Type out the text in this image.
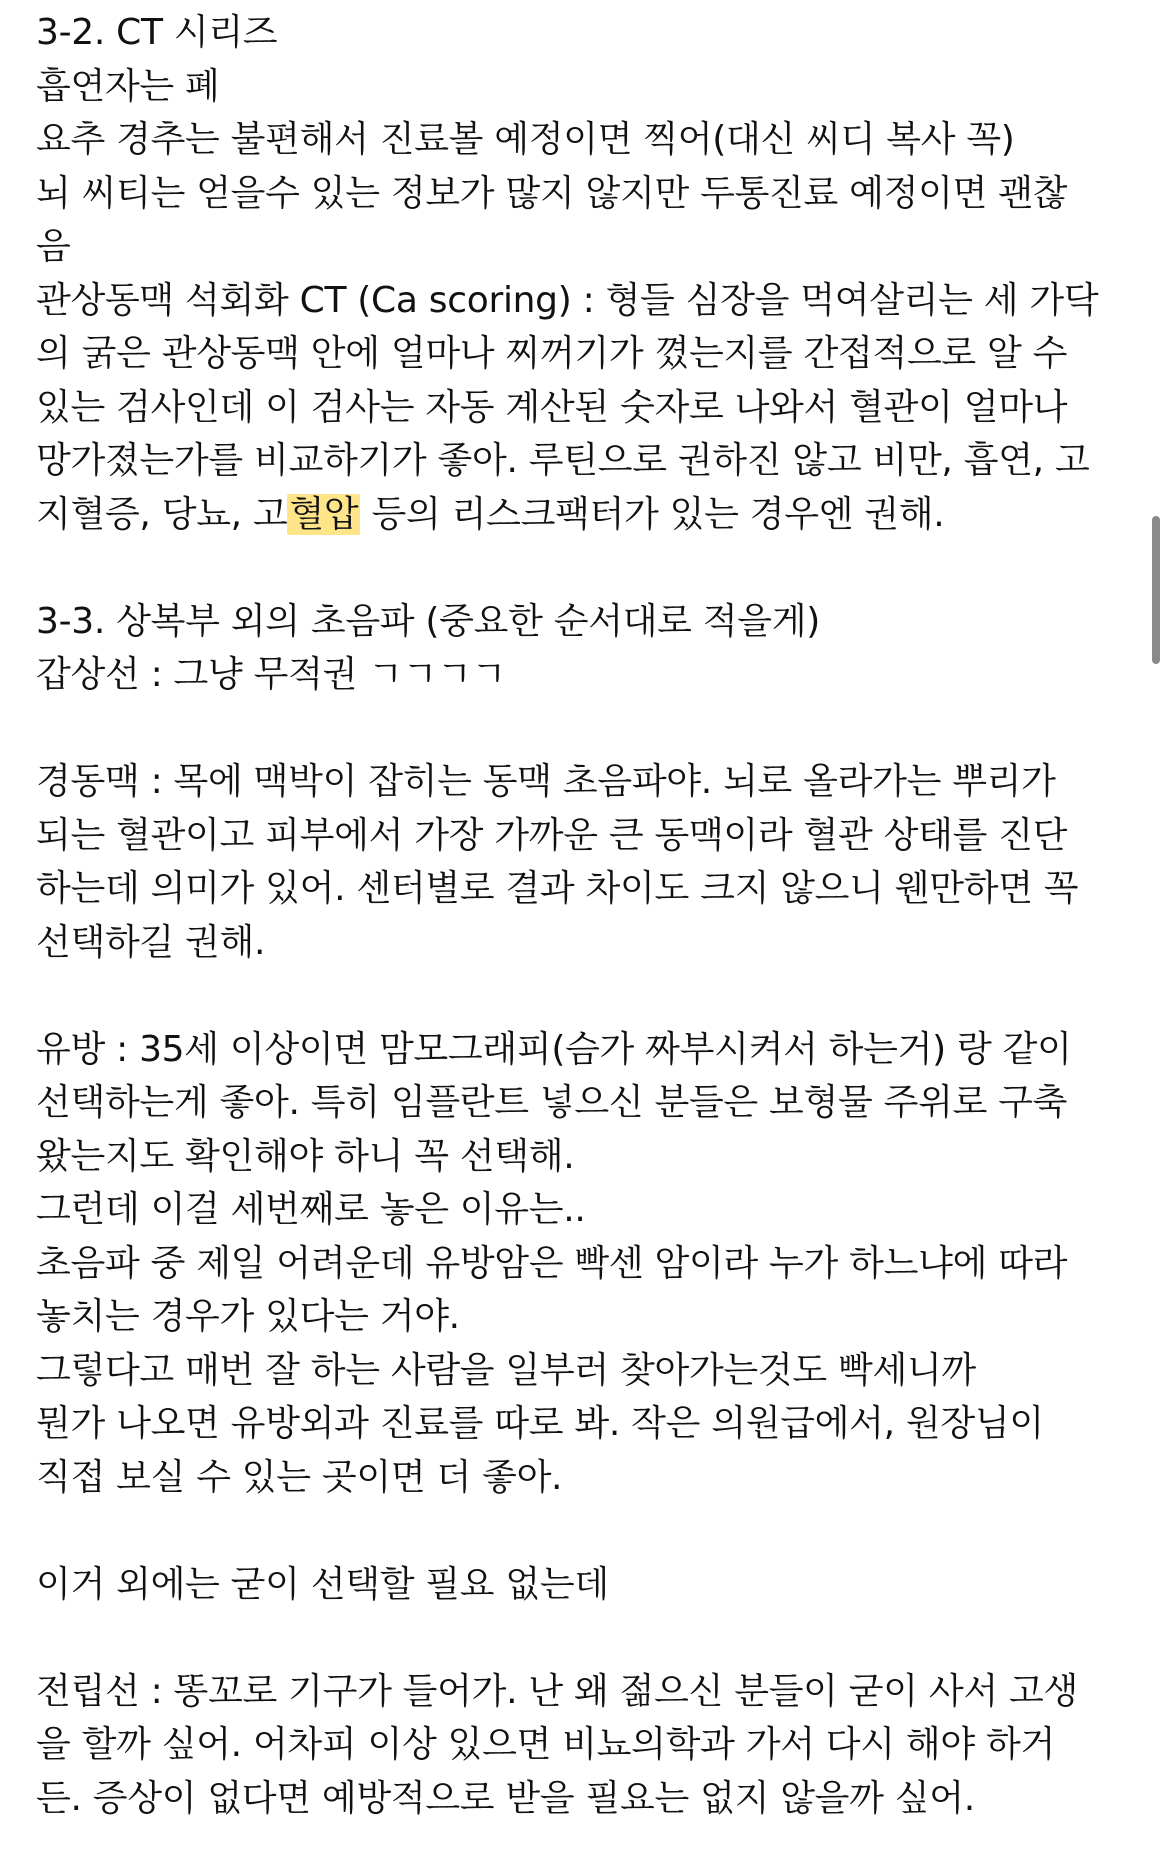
3-2. CT 시리즈
흡연자는 폐
요추 경추는 불편해서 진료볼 예정이면 찍어(대신 씨디 복사 꼭)
뇌 씨티는 얻을수 있는 정보가 많지 않지만 두통진료 예정이면 괜찮
음
관상동맥 석회화 CT (Ca scoring) : 형들 심장을 먹여살리는 세 가닥
의 굵은 관상동맥 안에 얼마나 찌꺼기가 꼈는지를 간접적으로 알 수
있는 검사인데 이 검사는 자동 계산된 숫자로 나와서 혈관이 얼마나
망가졌는가를 비교하기가 좋아. 루틴으로 권하진 않고 비만, 흡연, 고
지혈증, 당뇨, 고혈압 등의 리스크팩터가 있는 경우엔 권해.
3-3. 상복부 외의 초음파 (중요한 순서대로 적을게)
갑상선 : 그냥 무적권 ㄱㄱㄱㄱ
경동맥 : 목에 맥박이 잡히는 동맥 초음파야. 뇌로 올라가는 뿌리가
되는 혈관이고 피부에서 가장 가까운 큰 동맥이라 혈관 상태를 진단
하는데 의미가 있어. 센터별로 결과 차이도 크지 않으니 웬만하면 꼭
선택하길 권해.
유방 : 35세 이상이면 맘모그래피(슴가 짜부시켜서 하는거) 랑 같이
선택하는게 좋아. 특히 임플란트 넣으신 분들은 보형물 주위로 구축
왔는지도 확인해야 하니 꼭 선택해.
그런데 이걸 세번째로 놓은 이유는..
초음파 중 제일 어려운데 유방암은 빡센 암이라 누가 하느냐에 따라
놓치는 경우가 있다는 거야.
그렇다고 매번 잘 하는 사람을 일부러 찾아가는것도 빡세니까
뭔가 나오면 유방외과 진료를 따로 봐. 작은 의원급에서, 원장님이
직접 보실 수 있는 곳이면 더 좋아.
이거 외에는 굳이 선택할 필요 없는데
전립선 : 똥꼬로 기구가 들어가. 난 왜 젊으신 분들이 굳이 사서 고생
을 할까 싶어. 어차피 이상 있으면 비뇨의학과 가서 다시 해야 하거
든. 증상이 없다면 예방적으로 받을 필요는 없지 않을까 싶어.
